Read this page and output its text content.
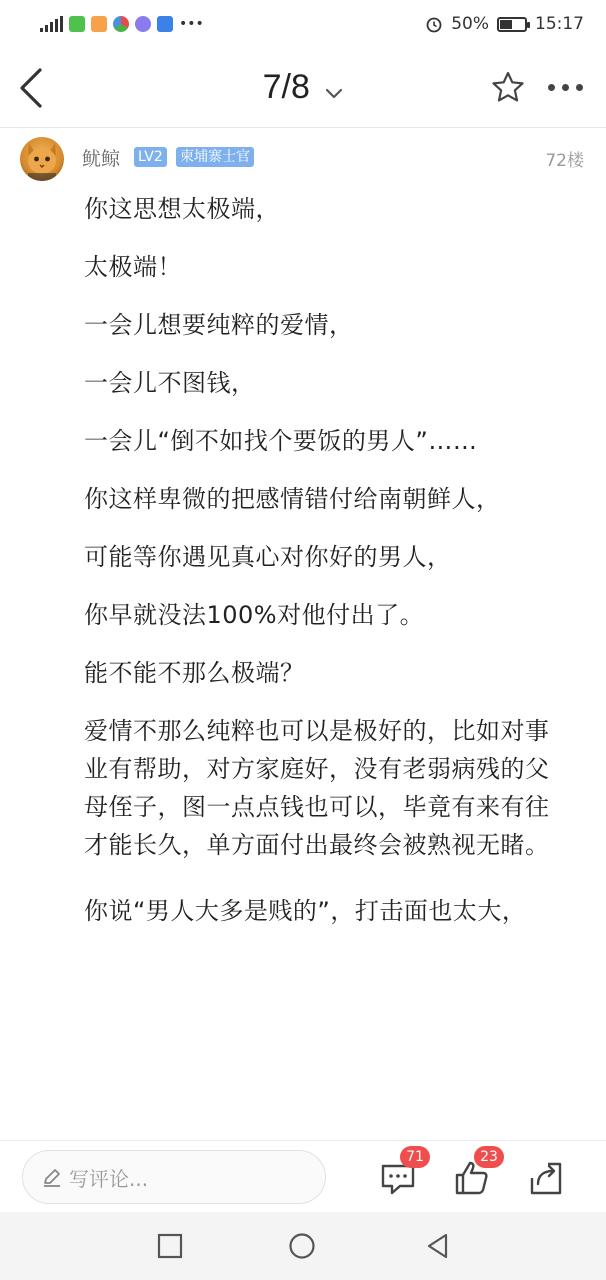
•••	50%	15:17
7/8
鱿鲸 LV2 柬埔寨士官	72楼

你这思想太极端，

太极端！

一会儿想要纯粹的爱情，

一会儿不图钱，

一会儿“倒不如找个要饭的男人”……

你这样卑微的把感情错付给南朝鲜人，

可能等你遇见真心对你好的男人，

你早就没法100%对他付出了。

能不能不那么极端？

爱情不那么纯粹也可以是极好的，比如对事业有帮助，对方家庭好，没有老弱病残的父母侄子，图一点点钱也可以，毕竟有来有往才能长久，单方面付出最终会被熟视无睹。

你说“男人大多是贱的”，打击面也太大，

写评论...
71	23
